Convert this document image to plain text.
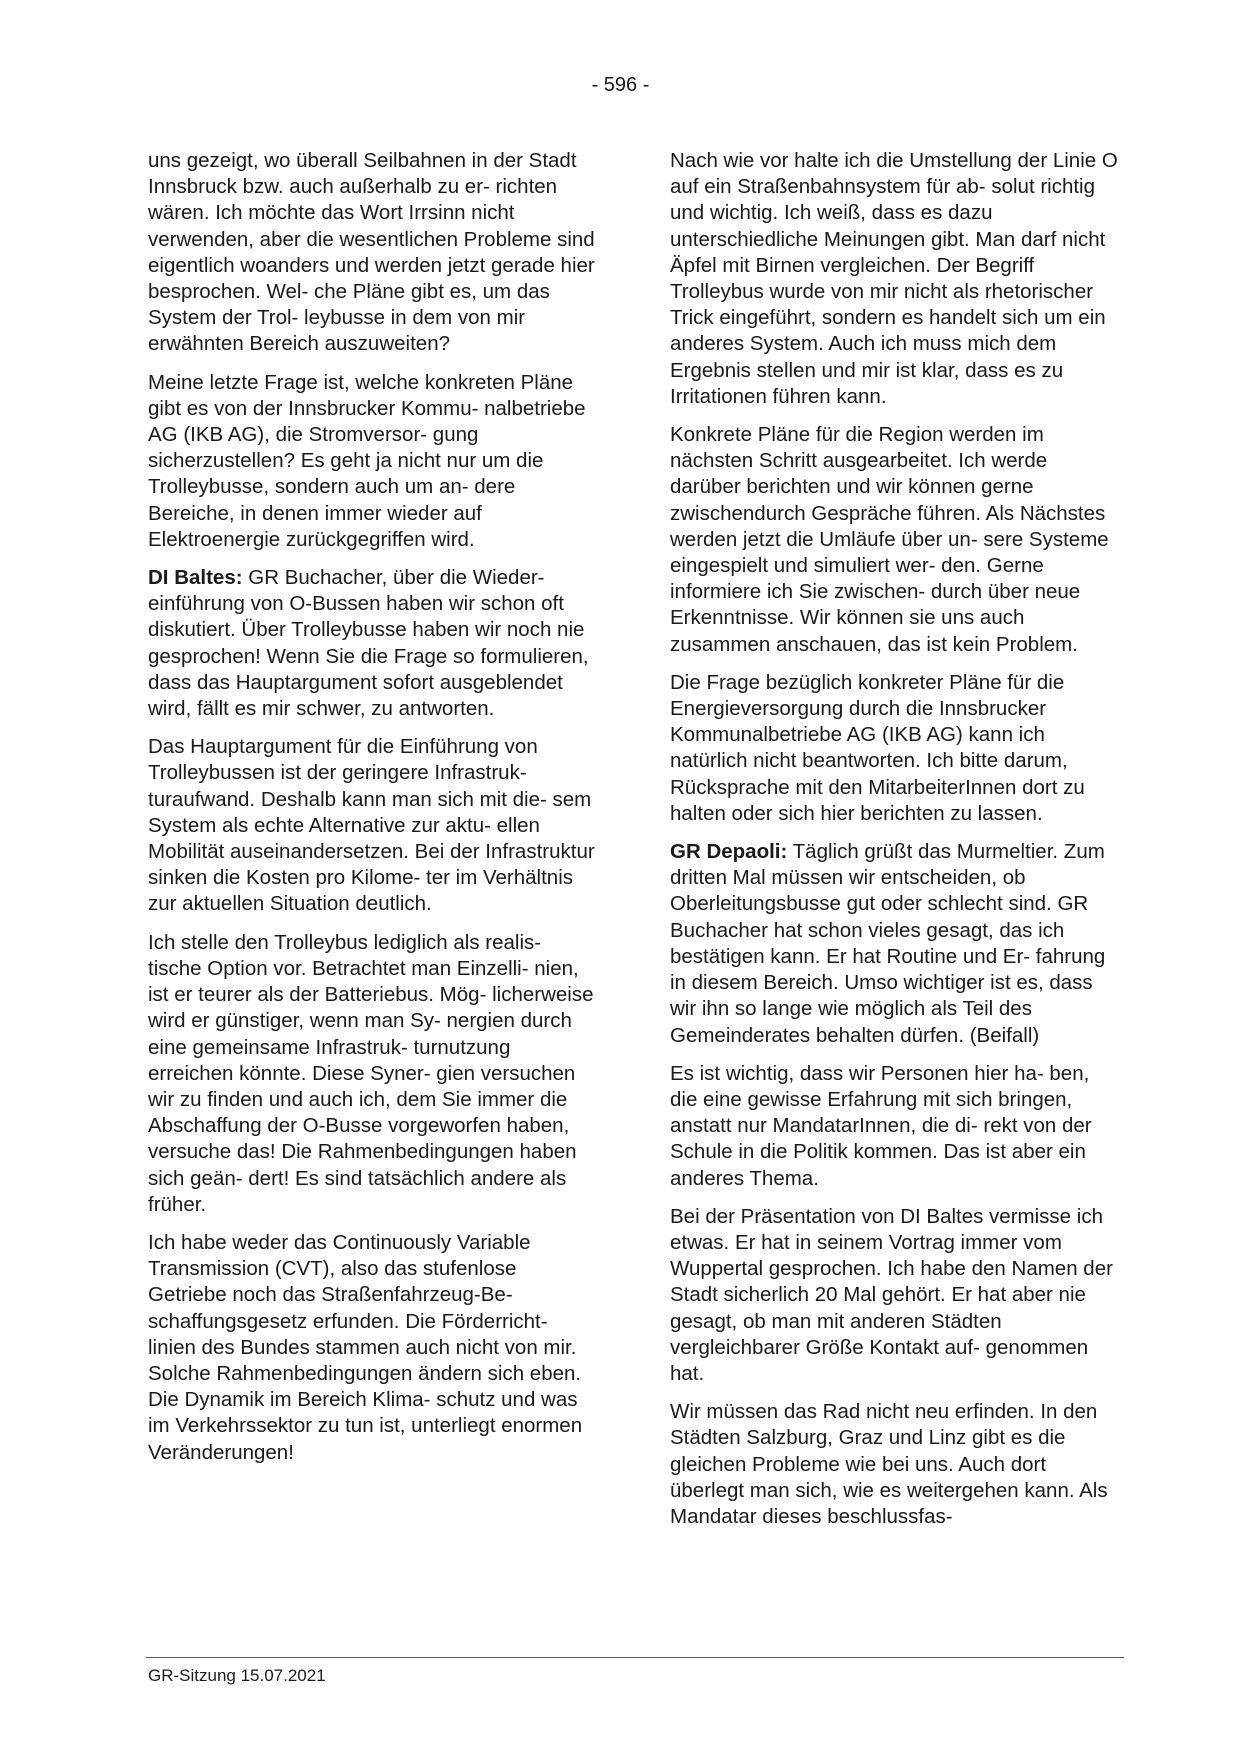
- 596 -

uns gezeigt, wo überall Seilbahnen in der Stadt Innsbruck bzw. auch außerhalb zu er- richten wären. Ich möchte das Wort Irrsinn nicht verwenden, aber die wesentlichen Probleme sind eigentlich woanders und werden jetzt gerade hier besprochen. Wel- che Pläne gibt es, um das System der Trol- leybusse in dem von mir erwähnten Bereich auszuweiten?

Meine letzte Frage ist, welche konkreten Pläne gibt es von der Innsbrucker Kommu- nalbetriebe AG (IKB AG), die Stromversor- gung sicherzustellen? Es geht ja nicht nur um die Trolleybusse, sondern auch um an- dere Bereiche, in denen immer wieder auf Elektroenergie zurückgegriffen wird.

DI Baltes: GR Buchacher, über die Wieder- einführung von O-Bussen haben wir schon oft diskutiert. Über Trolleybusse haben wir noch nie gesprochen! Wenn Sie die Frage so formulieren, dass das Hauptargument sofort ausgeblendet wird, fällt es mir schwer, zu antworten.

Das Hauptargument für die Einführung von Trolleybussen ist der geringere Infrastruk- turaufwand. Deshalb kann man sich mit die- sem System als echte Alternative zur aktu- ellen Mobilität auseinandersetzen. Bei der Infrastruktur sinken die Kosten pro Kilome- ter im Verhältnis zur aktuellen Situation deutlich.

Ich stelle den Trolleybus lediglich als realis- tische Option vor. Betrachtet man Einzelli- nien, ist er teurer als der Batteriebus. Mög- licherweise wird er günstiger, wenn man Sy- nergien durch eine gemeinsame Infrastruk- turnutzung erreichen könnte. Diese Syner- gien versuchen wir zu finden und auch ich, dem Sie immer die Abschaffung der O-Busse vorgeworfen haben, versuche das! Die Rahmenbedingungen haben sich geän- dert! Es sind tatsächlich andere als früher.

Ich habe weder das Continuously Variable Transmission (CVT), also das stufenlose Getriebe noch das Straßenfahrzeug-Be- schaffungsgesetz erfunden. Die Förderricht- linien des Bundes stammen auch nicht von mir. Solche Rahmenbedingungen ändern sich eben. Die Dynamik im Bereich Klima- schutz und was im Verkehrssektor zu tun ist, unterliegt enormen Veränderungen!

Nach wie vor halte ich die Umstellung der Linie O auf ein Straßenbahnsystem für ab- solut richtig und wichtig. Ich weiß, dass es dazu unterschiedliche Meinungen gibt. Man darf nicht Äpfel mit Birnen vergleichen. Der Begriff Trolleybus wurde von mir nicht als rhetorischer Trick eingeführt, sondern es handelt sich um ein anderes System. Auch ich muss mich dem Ergebnis stellen und mir ist klar, dass es zu Irritationen führen kann.

Konkrete Pläne für die Region werden im nächsten Schritt ausgearbeitet. Ich werde darüber berichten und wir können gerne zwischendurch Gespräche führen. Als Nächstes werden jetzt die Umläufe über un- sere Systeme eingespielt und simuliert wer- den. Gerne informiere ich Sie zwischen- durch über neue Erkenntnisse. Wir können sie uns auch zusammen anschauen, das ist kein Problem.

Die Frage bezüglich konkreter Pläne für die Energieversorgung durch die Innsbrucker Kommunalbetriebe AG (IKB AG) kann ich natürlich nicht beantworten. Ich bitte darum, Rücksprache mit den MitarbeiterInnen dort zu halten oder sich hier berichten zu lassen.

GR Depaoli: Täglich grüßt das Murmeltier. Zum dritten Mal müssen wir entscheiden, ob Oberleitungsbusse gut oder schlecht sind. GR Buchacher hat schon vieles gesagt, das ich bestätigen kann. Er hat Routine und Er- fahrung in diesem Bereich. Umso wichtiger ist es, dass wir ihn so lange wie möglich als Teil des Gemeinderates behalten dürfen. (Beifall)

Es ist wichtig, dass wir Personen hier ha- ben, die eine gewisse Erfahrung mit sich bringen, anstatt nur MandatarInnen, die di- rekt von der Schule in die Politik kommen. Das ist aber ein anderes Thema.

Bei der Präsentation von DI Baltes vermisse ich etwas. Er hat in seinem Vortrag immer vom Wuppertal gesprochen. Ich habe den Namen der Stadt sicherlich 20 Mal gehört. Er hat aber nie gesagt, ob man mit anderen Städten vergleichbarer Größe Kontakt auf- genommen hat.

Wir müssen das Rad nicht neu erfinden. In den Städten Salzburg, Graz und Linz gibt es die gleichen Probleme wie bei uns. Auch dort überlegt man sich, wie es weitergehen kann. Als Mandatar dieses beschlussfas-

GR-Sitzung 15.07.2021
